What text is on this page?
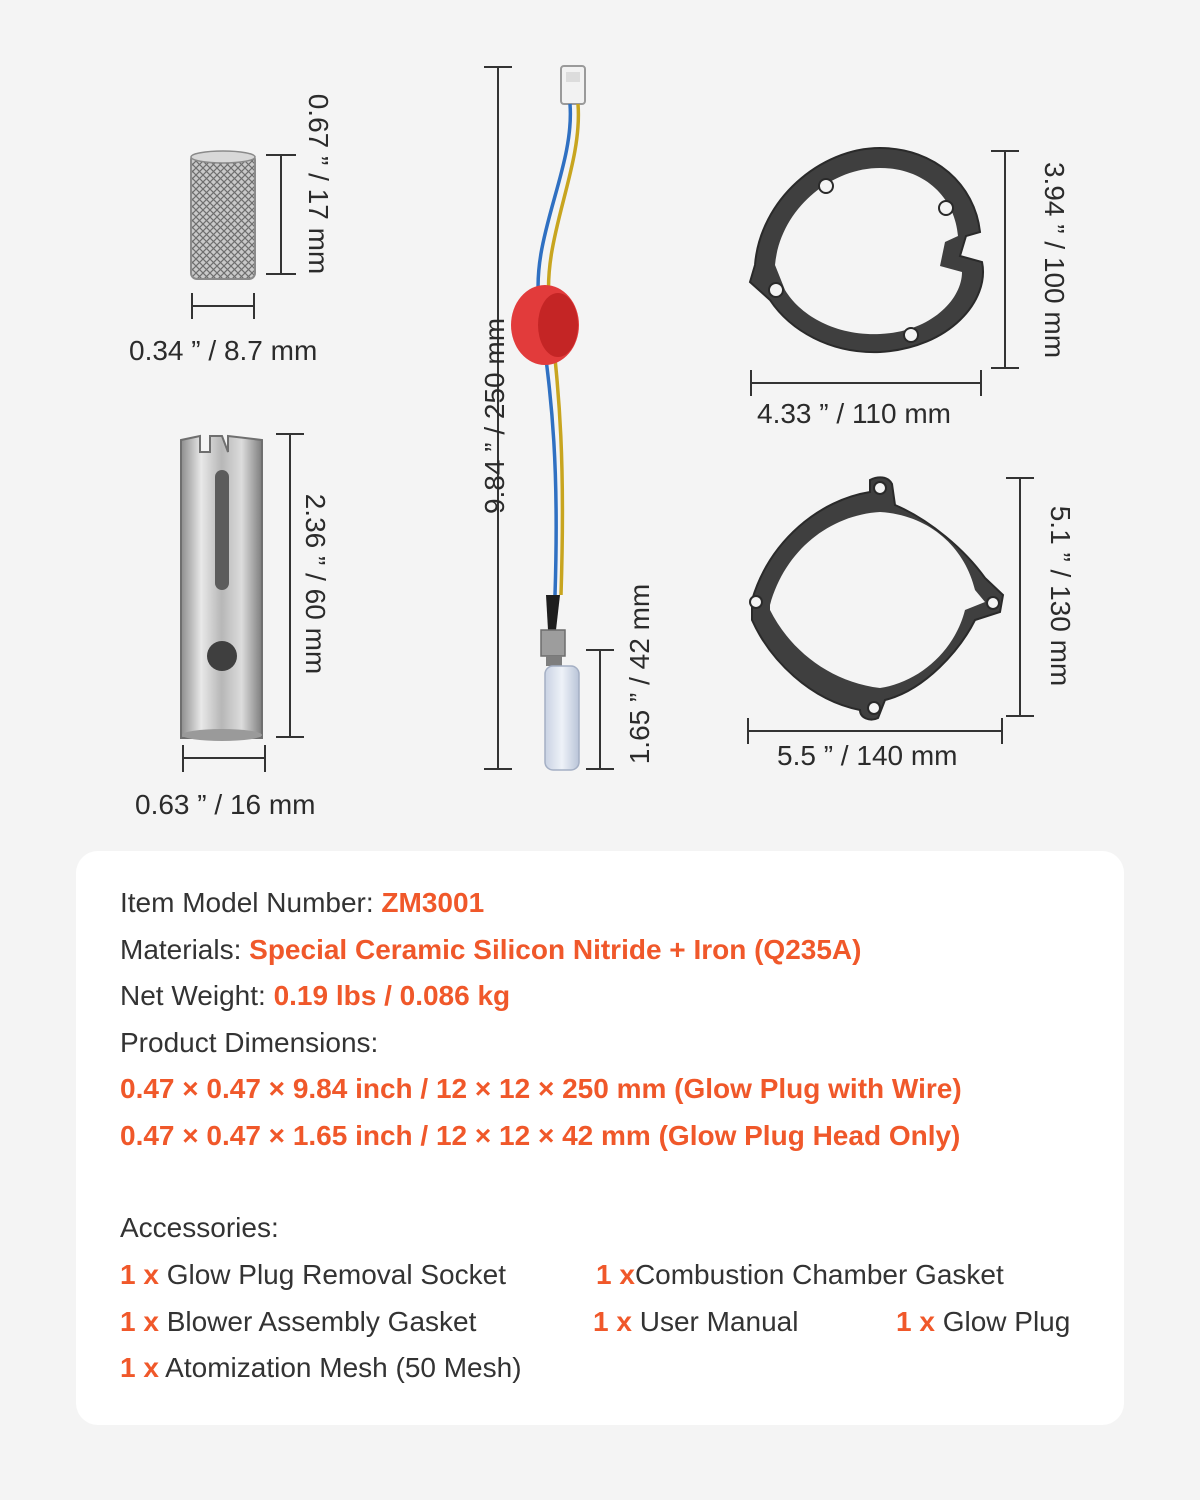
0.67 ” / 17 mm
0.34 ” / 8.7 mm
2.36 ” / 60 mm
0.63 ” / 16 mm
9.84 ” / 250 mm
1.65 ” / 42 mm
3.94 ” / 100 mm
4.33 ” / 110 mm
5.1 ” / 130 mm
5.5 ” / 140 mm
Item Model Number: ZM3001
Materials: Special Ceramic Silicon Nitride + Iron (Q235A)
Net Weight: 0.19 lbs / 0.086 kg
Product Dimensions:
0.47 × 0.47 × 9.84 inch / 12 × 12 × 250 mm (Glow Plug with Wire)
0.47 × 0.47 × 1.65 inch / 12 × 12 × 42 mm (Glow Plug Head Only)
Accessories:
1 x Glow Plug Removal Socket	1 xCombustion Chamber Gasket
1 x Blower Assembly Gasket	1 x User Manual	1 x Glow Plug
1 x Atomization Mesh (50 Mesh)
